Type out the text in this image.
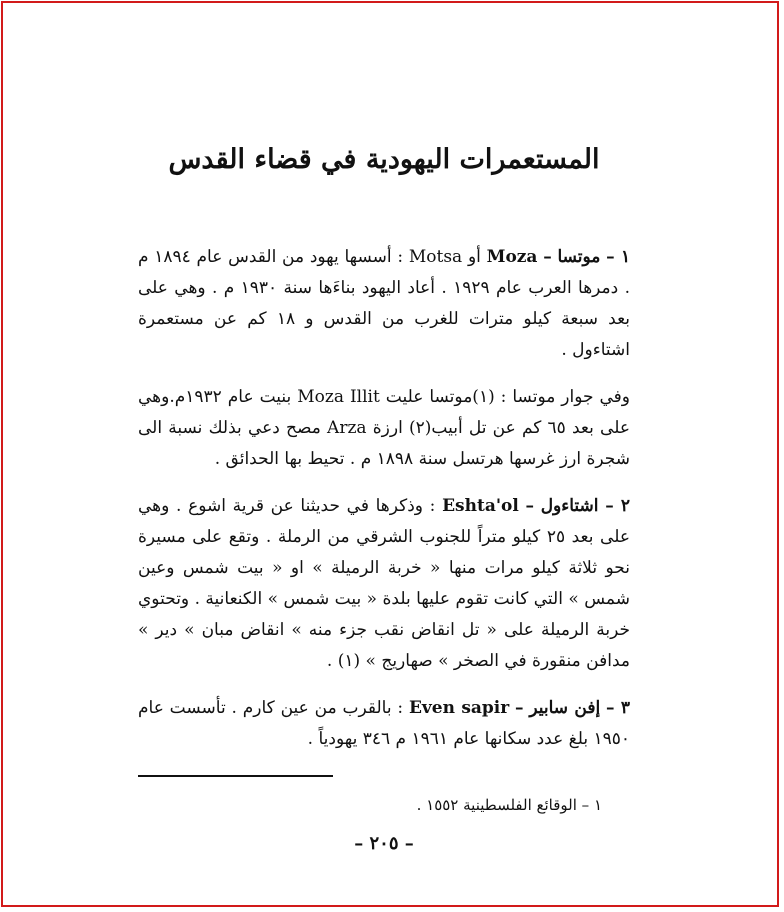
المستعمرات اليهودية في قضاء القدس

١ – موتسا – Moza أو Motsa : أسسها يهود من القدس عام ١٨٩٤ م . دمرها العرب عام ١٩٢٩ . أعاد اليهود بناءَها سنة ١٩٣٠ م . وهي على بعد سبعة كيلو مترات للغرب من القدس و ١٨ كم عن مستعمرة اشتاءول .

وفي جوار موتسا : (١)موتسا عليت Moza Illit بنيت عام ١٩٣٢م.وهي على بعد ٦٥ كم عن تل أبيب(٢) ارزة Arza مصح دعي بذلك نسبة الى شجرة ارز غرسها هرتسل سنة ١٨٩٨ م . تحيط بها الحدائق .

٢ – اشتاءول – Eshta'ol : وذكرها في حديثنا عن قرية اشوع . وهي على بعد ٢٥ كيلو متراً للجنوب الشرقي من الرملة . وتقع على مسيرة نحو ثلاثة كيلو مرات منها « خربة الرميلة » او « بيت شمس وعين شمس » التي كانت تقوم عليها بلدة « بيت شمس » الكنعانية . وتحتوي خربة الرميلة على « تل انقاض نقب جزء منه » انقاض مبان » دير » مدافن منقورة في الصخر » صهاريج » (١) .

٣ – إفن سابير – Even sapir : بالقرب من عين كارم . تأسست عام ١٩٥٠ بلغ عدد سكانها عام ١٩٦١ م ٣٤٦ يهودياً .

١ – الوقائع الفلسطينية ١٥٥٢ .
– ٢٠٥ –
